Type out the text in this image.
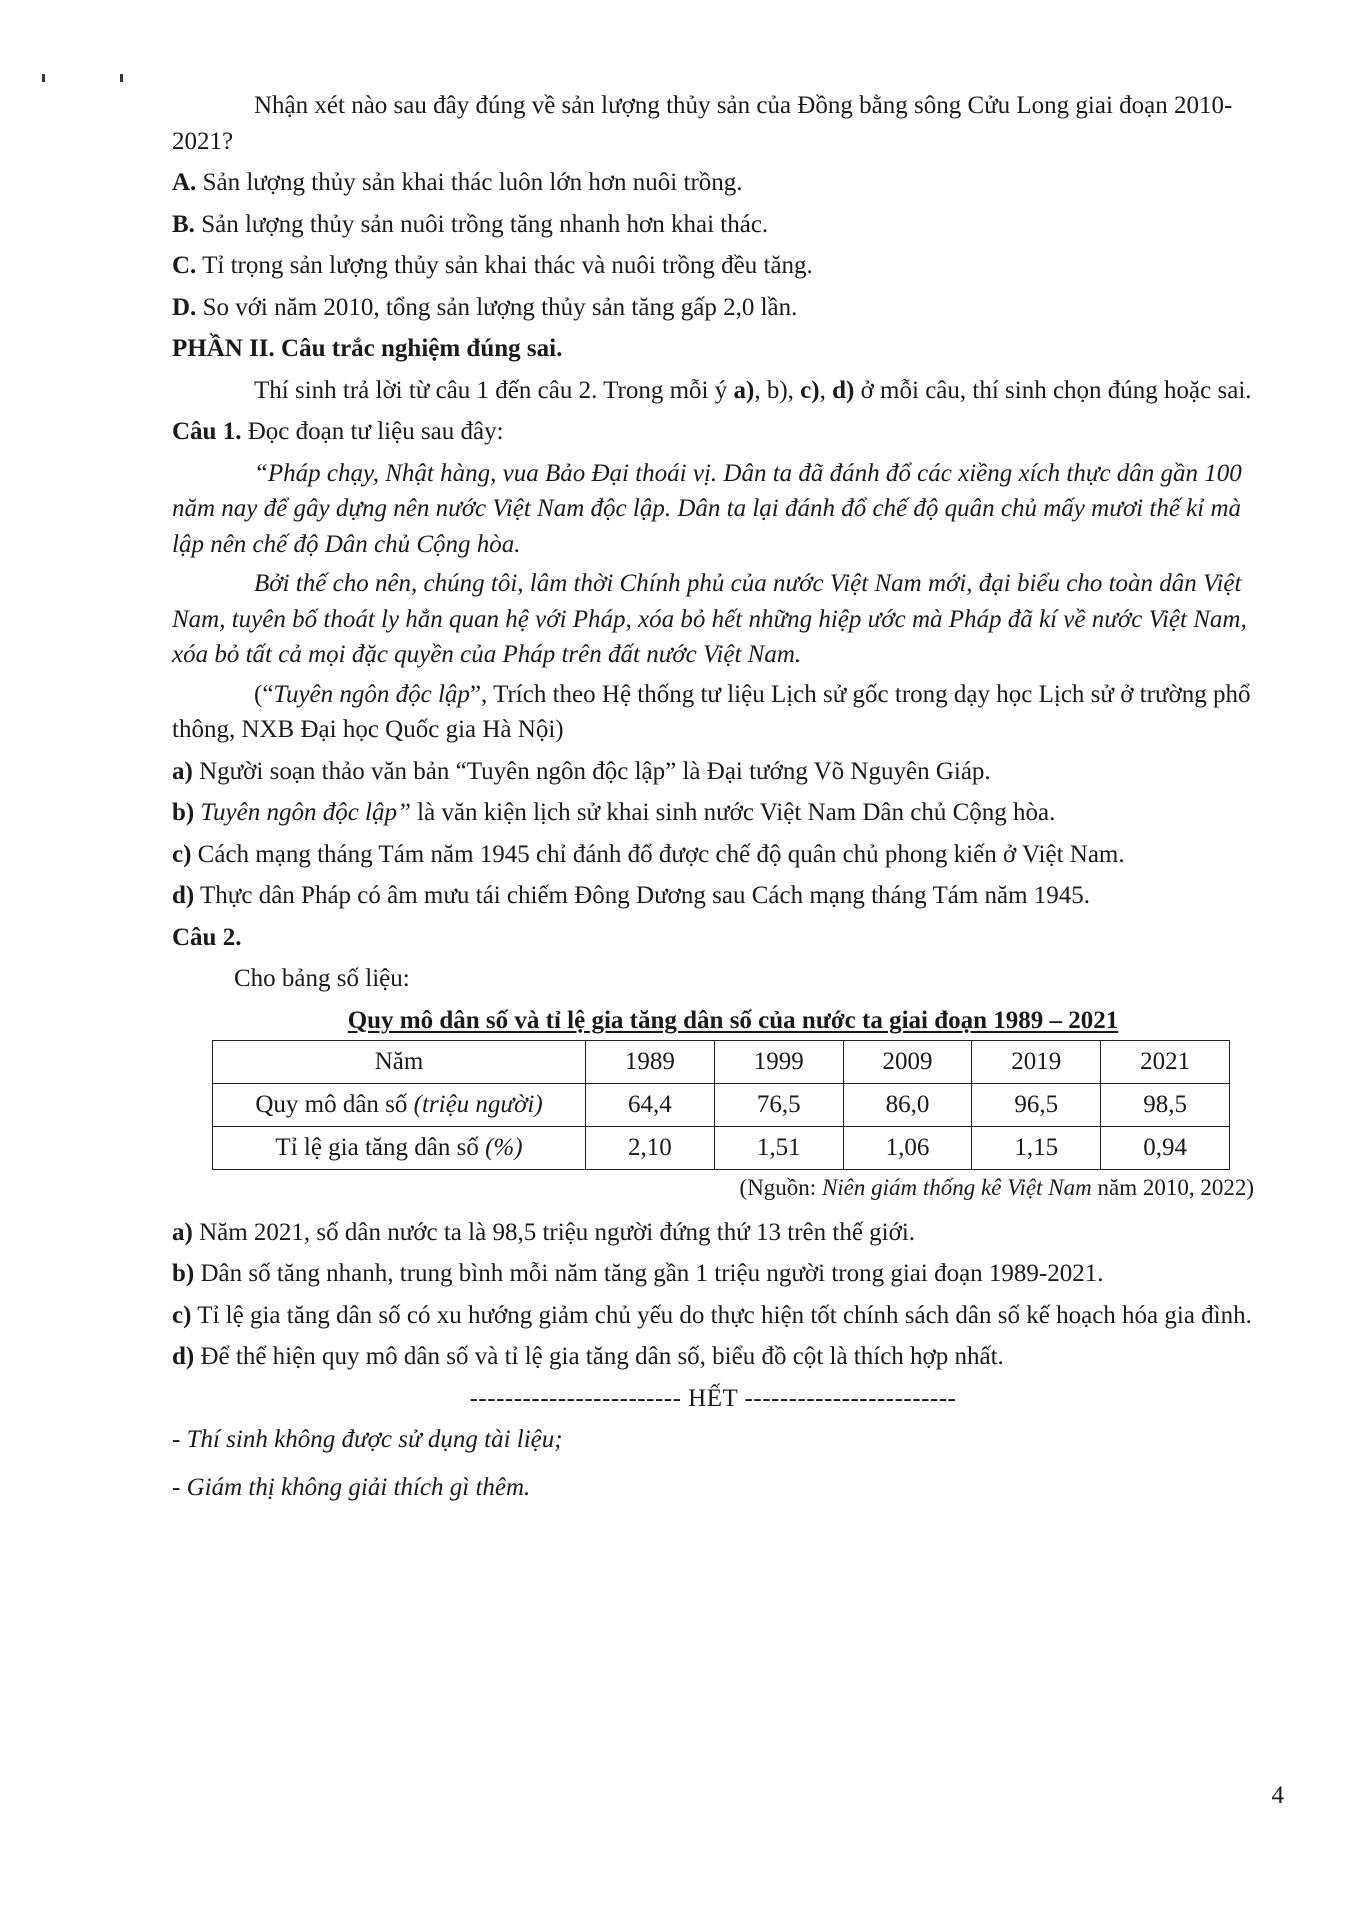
Nhận xét nào sau đây đúng về sản lượng thủy sản của Đồng bằng sông Cửu Long giai đoạn 2010-2021?

A. Sản lượng thủy sản khai thác luôn lớn hơn nuôi trồng.

B. Sản lượng thủy sản nuôi trồng tăng nhanh hơn khai thác.

C. Tỉ trọng sản lượng thủy sản khai thác và nuôi trồng đều tăng.

D. So với năm 2010, tổng sản lượng thủy sản tăng gấp 2,0 lần.

PHẦN II. Câu trắc nghiệm đúng sai.

Thí sinh trả lời từ câu 1 đến câu 2. Trong mỗi ý a), b), c), d) ở mỗi câu, thí sinh chọn đúng hoặc sai.

Câu 1. Đọc đoạn tư liệu sau đây:

“Pháp chạy, Nhật hàng, vua Bảo Đại thoái vị. Dân ta đã đánh đổ các xiềng xích thực dân gần 100 năm nay để gây dựng nên nước Việt Nam độc lập. Dân ta lại đánh đổ chế độ quân chủ mấy mươi thế kỉ mà lập nên chế độ Dân chủ Cộng hòa.

Bởi thế cho nên, chúng tôi, lâm thời Chính phủ của nước Việt Nam mới, đại biểu cho toàn dân Việt Nam, tuyên bố thoát ly hẳn quan hệ với Pháp, xóa bỏ hết những hiệp ước mà Pháp đã kí về nước Việt Nam, xóa bỏ tất cả mọi đặc quyền của Pháp trên đất nước Việt Nam.

(“Tuyên ngôn độc lập”, Trích theo Hệ thống tư liệu Lịch sử gốc trong dạy học Lịch sử ở trường phổ thông, NXB Đại học Quốc gia Hà Nội)

a) Người soạn thảo văn bản “Tuyên ngôn độc lập” là Đại tướng Võ Nguyên Giáp.

b) Tuyên ngôn độc lập” là văn kiện lịch sử khai sinh nước Việt Nam Dân chủ Cộng hòa.

c) Cách mạng tháng Tám năm 1945 chỉ đánh đổ được chế độ quân chủ phong kiến ở Việt Nam.

d) Thực dân Pháp có âm mưu tái chiếm Đông Dương sau Cách mạng tháng Tám năm 1945.

Câu 2.

Cho bảng số liệu:

Quy mô dân số và tỉ lệ gia tăng dân số của nước ta giai đoạn 1989 – 2021

Năm	1989	1999	2009	2019	2021
Quy mô dân số (triệu người)	64,4	76,5	86,0	96,5	98,5
Tỉ lệ gia tăng dân số (%)	2,10	1,51	1,06	1,15	0,94

(Nguồn: Niên giám thống kê Việt Nam năm 2010, 2022)

a) Năm 2021, số dân nước ta là 98,5 triệu người đứng thứ 13 trên thế giới.

b) Dân số tăng nhanh, trung bình mỗi năm tăng gần 1 triệu người trong giai đoạn 1989-2021.

c) Tỉ lệ gia tăng dân số có xu hướng giảm chủ yếu do thực hiện tốt chính sách dân số kế hoạch hóa gia đình.

d) Để thể hiện quy mô dân số và tỉ lệ gia tăng dân số, biểu đồ cột là thích hợp nhất.

------------------------ HẾT ------------------------

- Thí sinh không được sử dụng tài liệu;

- Giám thị không giải thích gì thêm.

4
